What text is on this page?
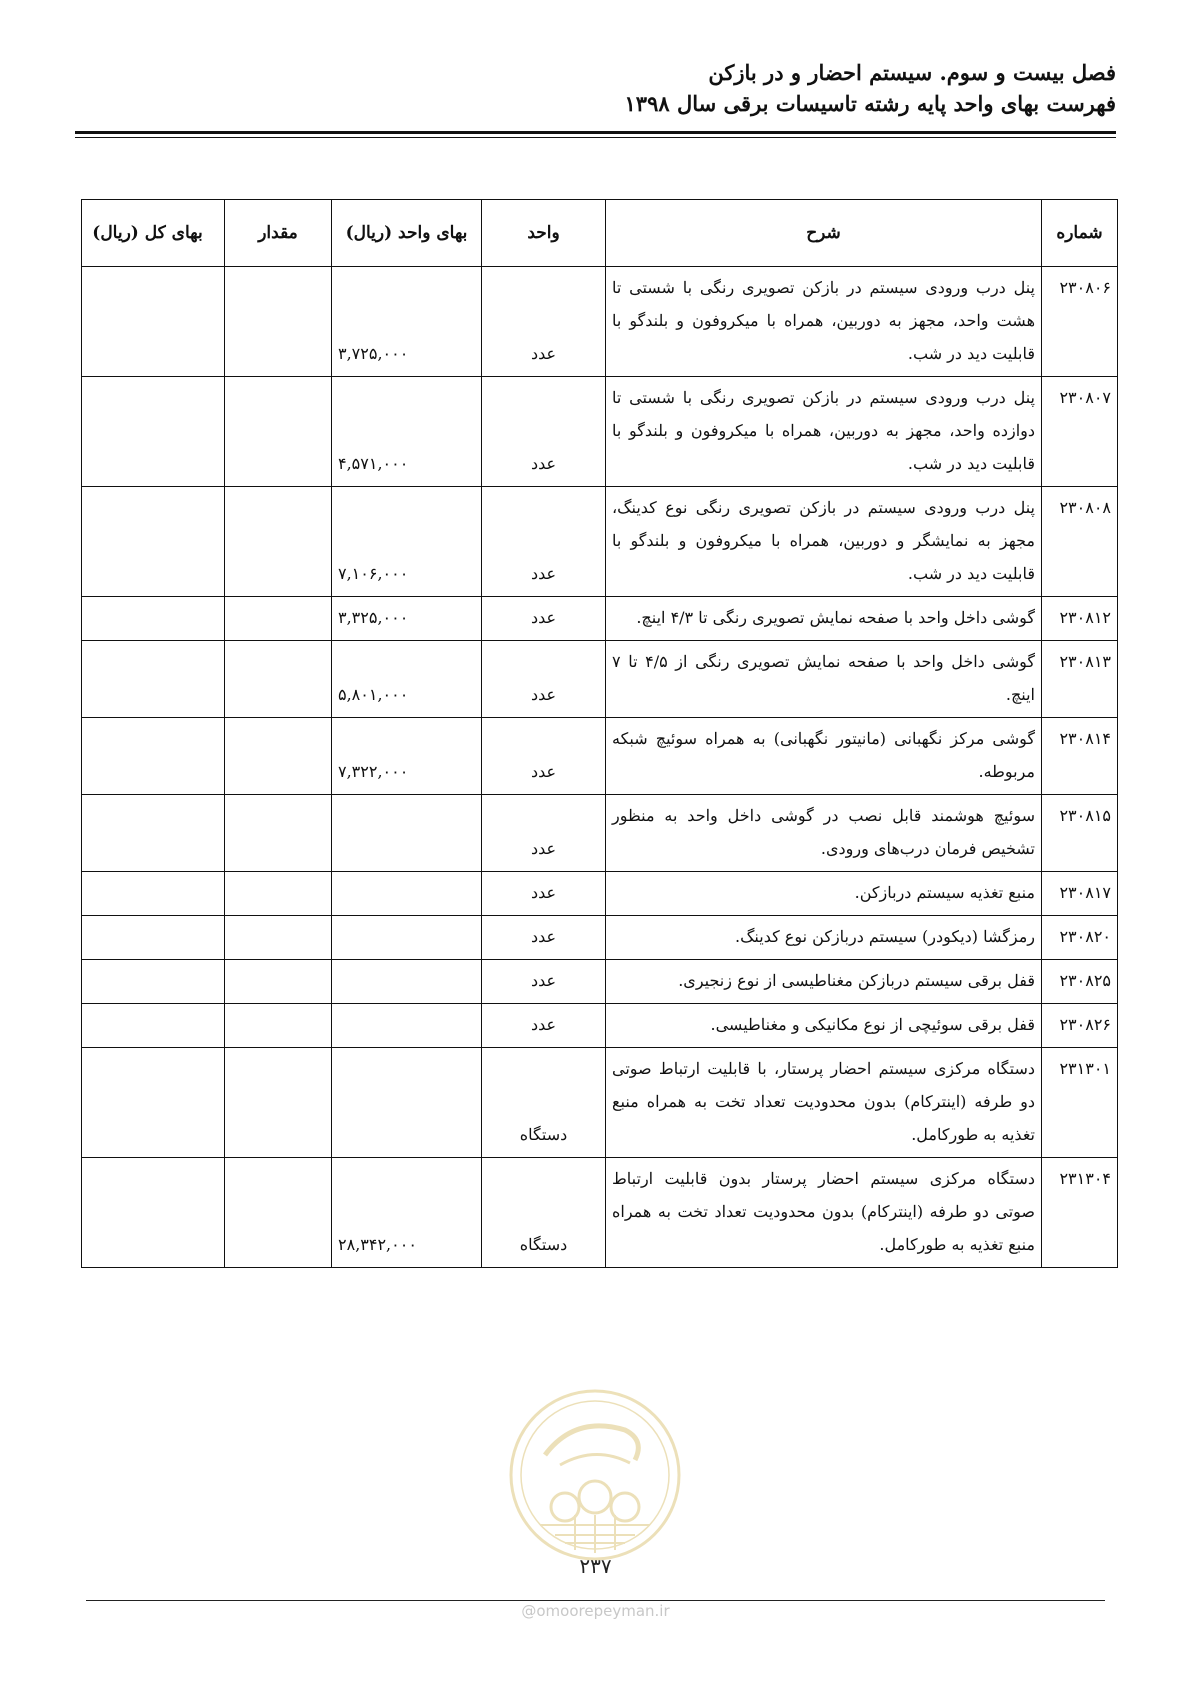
فصل بیست و سوم. سیستم احضار و در بازکن
فهرست بهای واحد پایه رشته تاسیسات برقی سال ۱۳۹۸
شماره	شرح	واحد	بهای واحد (ریال)	مقدار	بهای کل (ریال)
۲۳۰۸۰۶	پنل درب ورودی سیستم در بازکن تصویری رنگی با شستی تا هشت واحد، مجهز به دوربین، همراه با میکروفون و بلندگو با قابلیت دید در شب.	عدد	۳,۷۲۵,۰۰۰		
۲۳۰۸۰۷	پنل درب ورودی سیستم در بازکن تصویری رنگی با شستی تا دوازده واحد، مجهز به دوربین، همراه با میکروفون و بلندگو با قابلیت دید در شب.	عدد	۴,۵۷۱,۰۰۰		
۲۳۰۸۰۸	پنل درب ورودی سیستم در بازکن تصویری رنگی نوع کدینگ، مجهز به نمایشگر و دوربین، همراه با میکروفون و بلندگو با قابلیت دید در شب.	عدد	۷,۱۰۶,۰۰۰		
۲۳۰۸۱۲	گوشی داخل واحد با صفحه نمایش تصویری رنگی تا ۴/۳ اینچ.	عدد	۳,۳۲۵,۰۰۰		
۲۳۰۸۱۳	گوشی داخل واحد با صفحه نمایش تصویری رنگی از ۴/۵ تا ۷ اینچ.	عدد	۵,۸۰۱,۰۰۰		
۲۳۰۸۱۴	گوشی مرکز نگهبانی (مانیتور نگهبانی) به همراه سوئیچ شبکه مربوطه.	عدد	۷,۳۲۲,۰۰۰		
۲۳۰۸۱۵	سوئیچ هوشمند قابل نصب در گوشی داخل واحد به منظور تشخیص فرمان درب‌های ورودی.	عدد			
۲۳۰۸۱۷	منبع تغذیه سیستم دربازکن.	عدد			
۲۳۰۸۲۰	رمزگشا (دیکودر) سیستم دربازکن نوع کدینگ.	عدد			
۲۳۰۸۲۵	قفل برقی سیستم دربازکن مغناطیسی از نوع زنجیری.	عدد			
۲۳۰۸۲۶	قفل برقی سوئیچی از نوع مکانیکی و مغناطیسی.	عدد			
۲۳۱۳۰۱	دستگاه مرکزی سیستم احضار پرستار، با قابلیت ارتباط صوتی دو طرفه (اینترکام) بدون محدودیت تعداد تخت به همراه منبع تغذیه به طورکامل.	دستگاه			
۲۳۱۳۰۴	دستگاه مرکزی سیستم احضار پرستار بدون قابلیت ارتباط صوتی دو طرفه (اینترکام) بدون محدودیت تعداد تخت به همراه منبع تغذیه به طورکامل.	دستگاه	۲۸,۳۴۲,۰۰۰		
۲۳۷
@omoorepeyman.ir
